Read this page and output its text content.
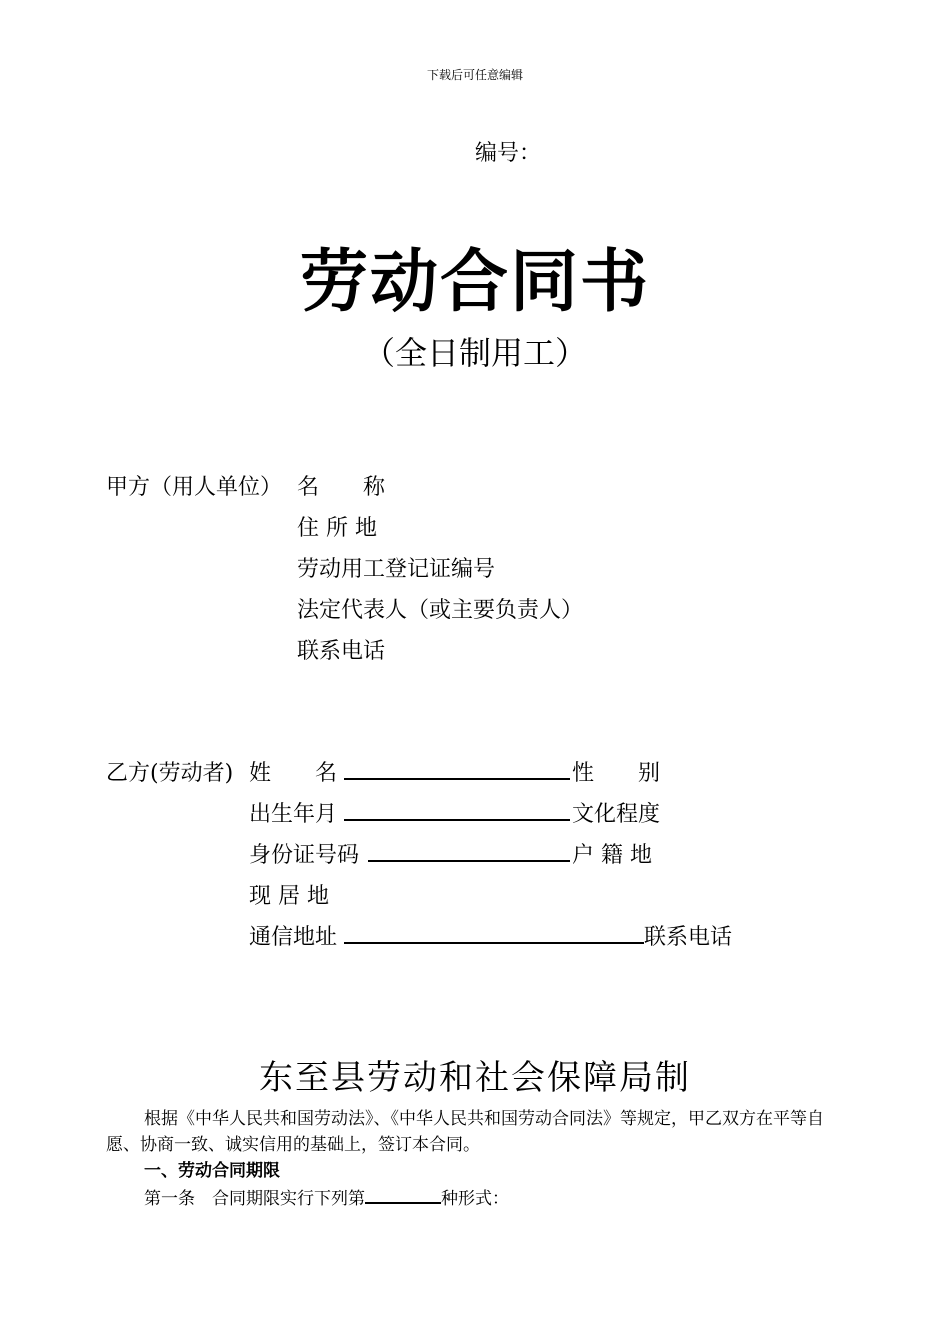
下载后可任意编辑
编号：
劳动合同书
（全日制用工）
甲方（用人单位） 名　　称
住 所 地
劳动用工登记证编号
法定代表人（或主要负责人）
联系电话
乙方(劳动者) 姓　　名	性　　别
出生年月	文化程度
身份证号码	户 籍 地
现 居 地
通信地址	联系电话
东至县劳动和社会保障局制

根据《中华人民共和国劳动法》、《中华人民共和国劳动合同法》等规定，甲乙双方在平等自愿、协商一致、诚实信用的基础上，签订本合同。

一、劳动合同期限

第一条　合同期限实行下列第	种形式：
